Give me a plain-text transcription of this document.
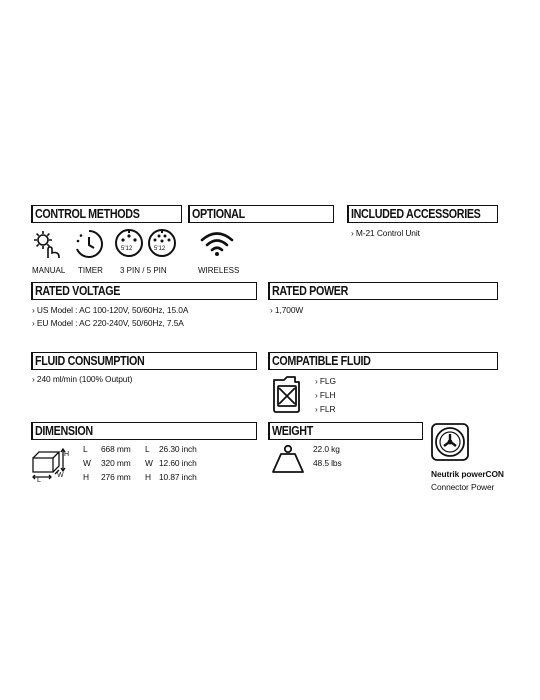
CONTROL METHODS	OPTIONAL	INCLUDED ACCESSORIES
5'12	5'12
MANUAL TIMER 3 PIN / 5 PIN	WIRELESS
› M-21 Control Unit
RATED VOLTAGE
› US Model : AC 100-120V, 50/60Hz, 15.0A
› EU Model : AC 220-240V, 50/60Hz, 7.5A
RATED POWER
› 1,700W
FLUID CONSUMPTION
› 240 ml/min (100% Output)
COMPATIBLE FLUID
› FLG
› FLH
› FLR
DIMENSION
H
L
W
L 668 mm L 26.30 inch
W 320 mm W 12.60 inch
H 276 mm H 10.87 inch
WEIGHT
22.0 kg
48.5 lbs
Neutrik powerCON
Connector Power
